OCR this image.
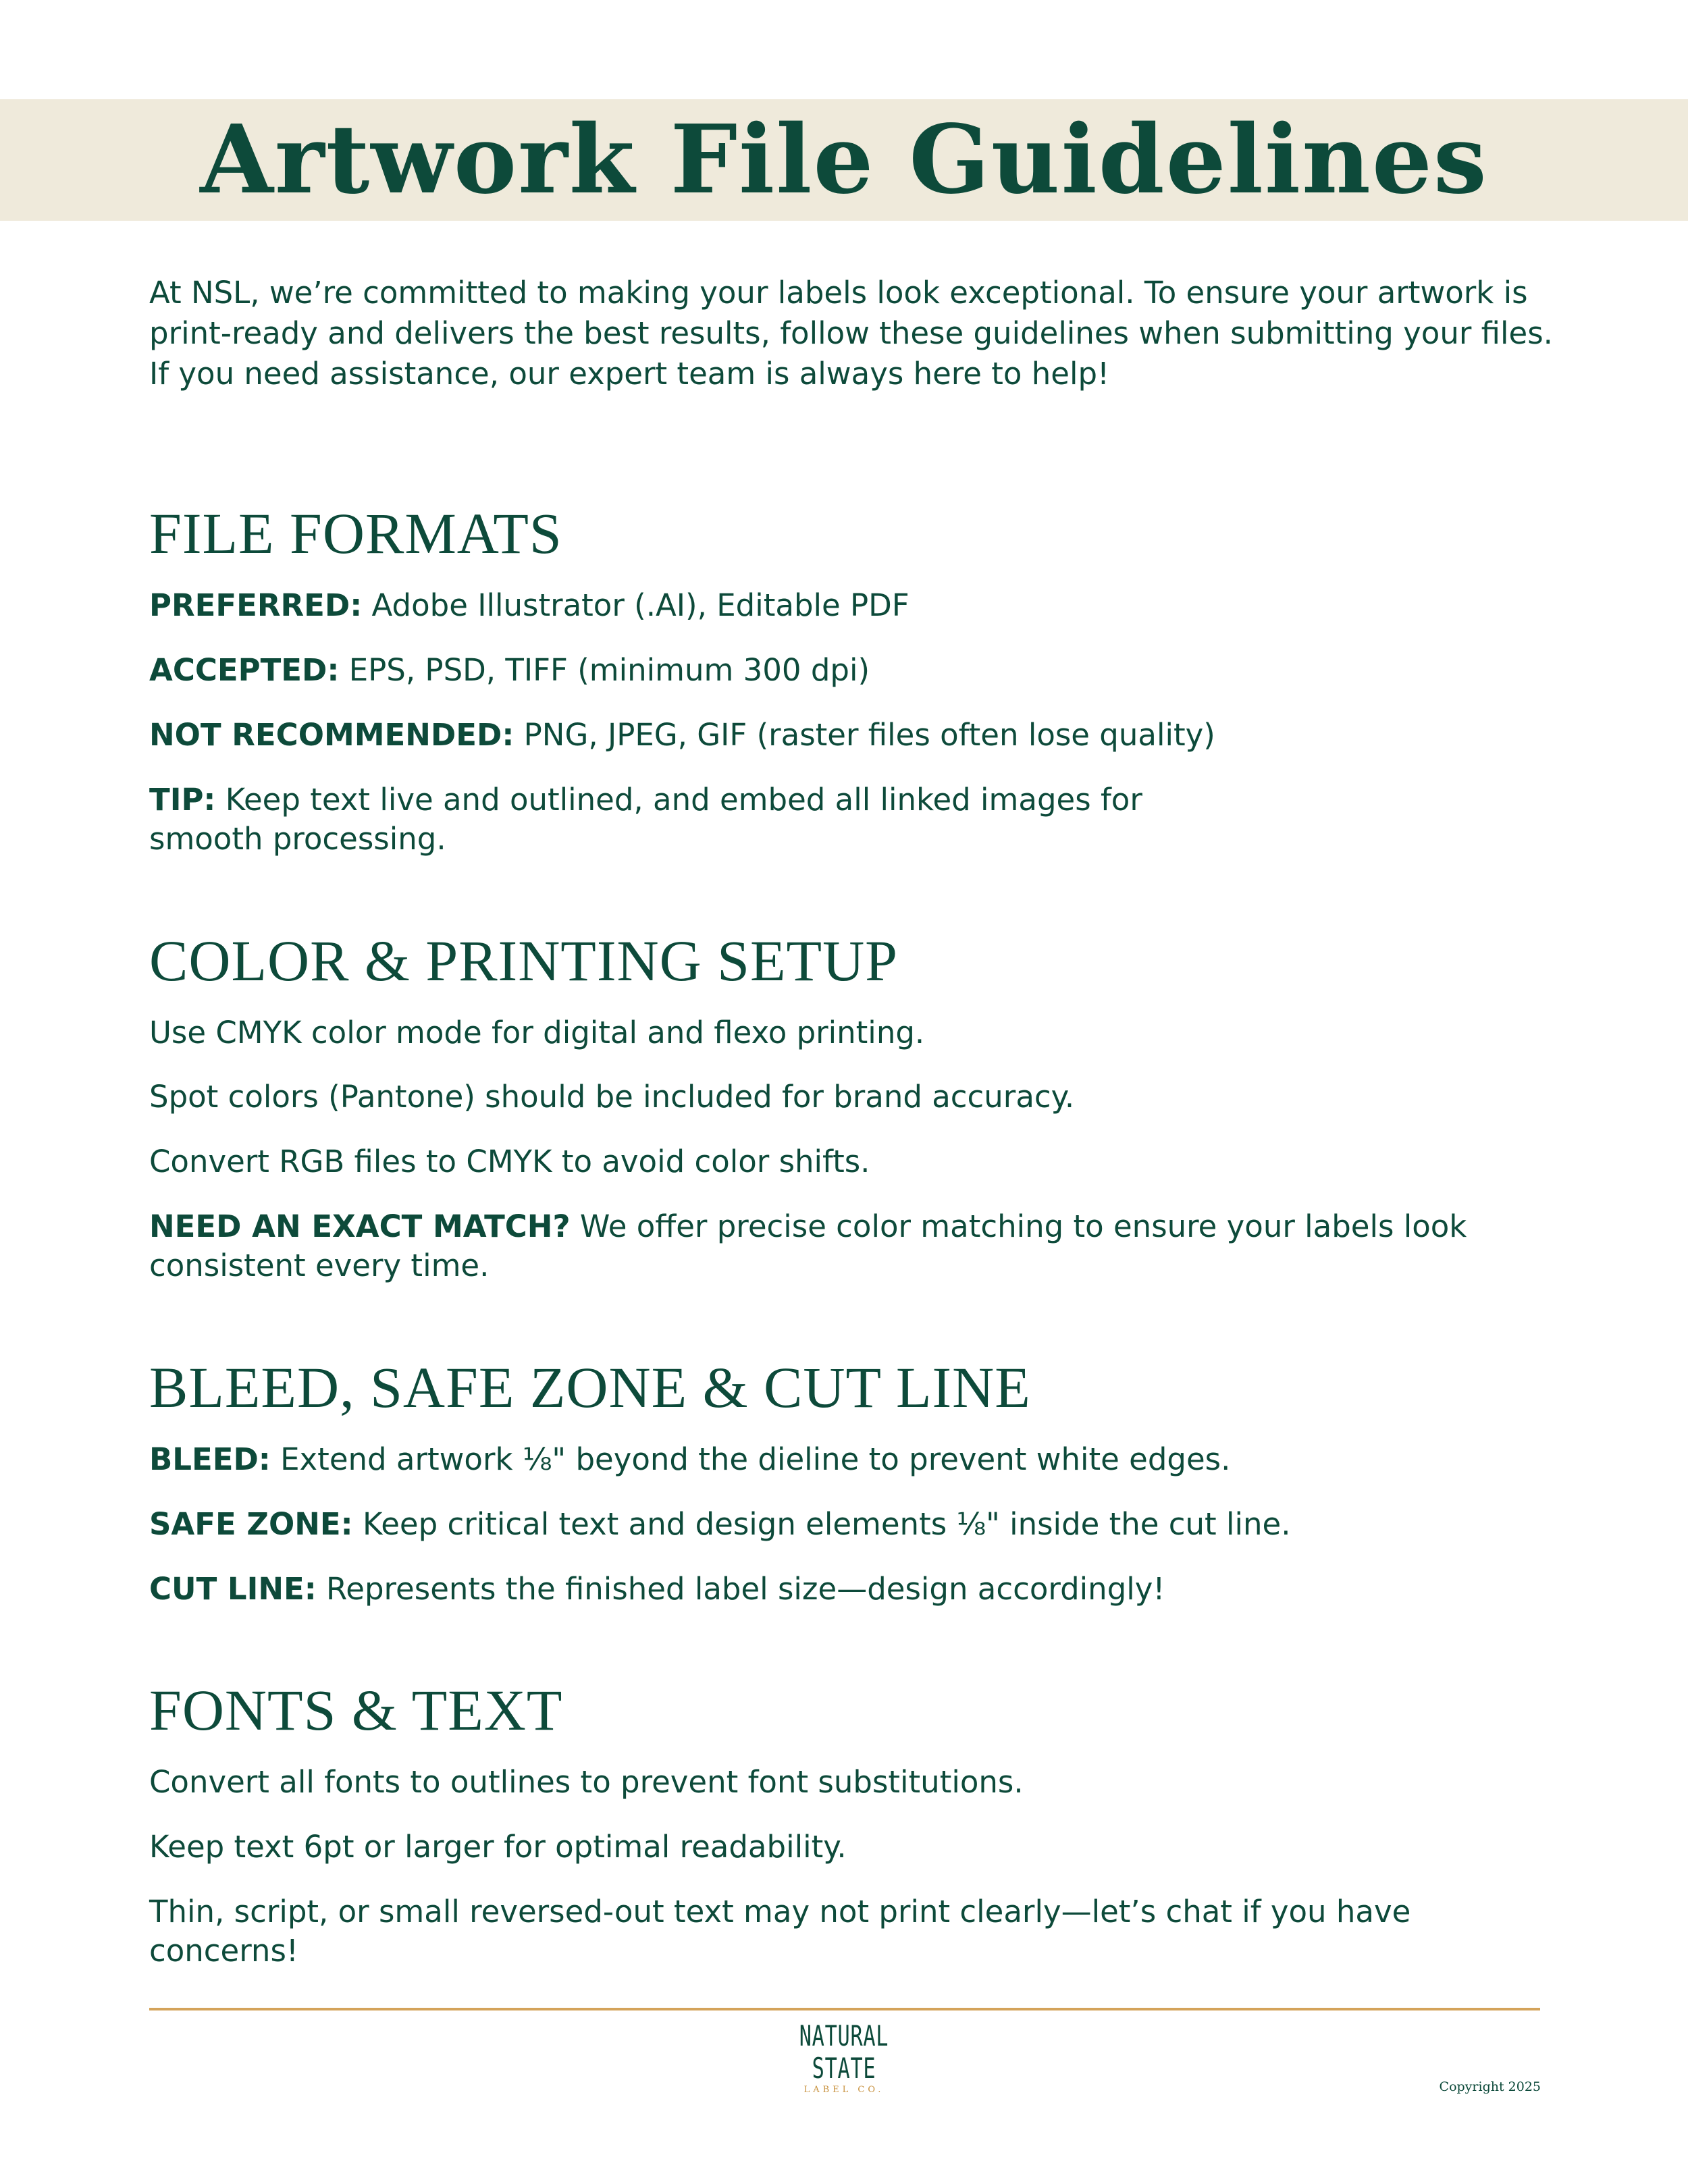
Artwork File Guidelines

At NSL, we’re committed to making your labels look exceptional. To ensure your artwork is print-ready and delivers the best results, follow these guidelines when submitting your files. If you need assistance, our expert team is always here to help!

FILE FORMATS

PREFERRED: Adobe Illustrator (.AI), Editable PDF

ACCEPTED: EPS, PSD, TIFF (minimum 300 dpi)

NOT RECOMMENDED: PNG, JPEG, GIF (raster files often lose quality)

TIP: Keep text live and outlined, and embed all linked images for smooth processing.

COLOR & PRINTING SETUP

Use CMYK color mode for digital and flexo printing.

Spot colors (Pantone) should be included for brand accuracy.

Convert RGB files to CMYK to avoid color shifts.

NEED AN EXACT MATCH? We offer precise color matching to ensure your labels look consistent every time.

BLEED, SAFE ZONE & CUT LINE

BLEED: Extend artwork ⅛" beyond the dieline to prevent white edges.

SAFE ZONE: Keep critical text and design elements ⅛" inside the cut line.

CUT LINE: Represents the finished label size—design accordingly!

FONTS & TEXT

Convert all fonts to outlines to prevent font substitutions.

Keep text 6pt or larger for optimal readability.

Thin, script, or small reversed-out text may not print clearly—let’s chat if you have concerns!

NATURAL
STATE
LABEL CO.	Copyright 2025
